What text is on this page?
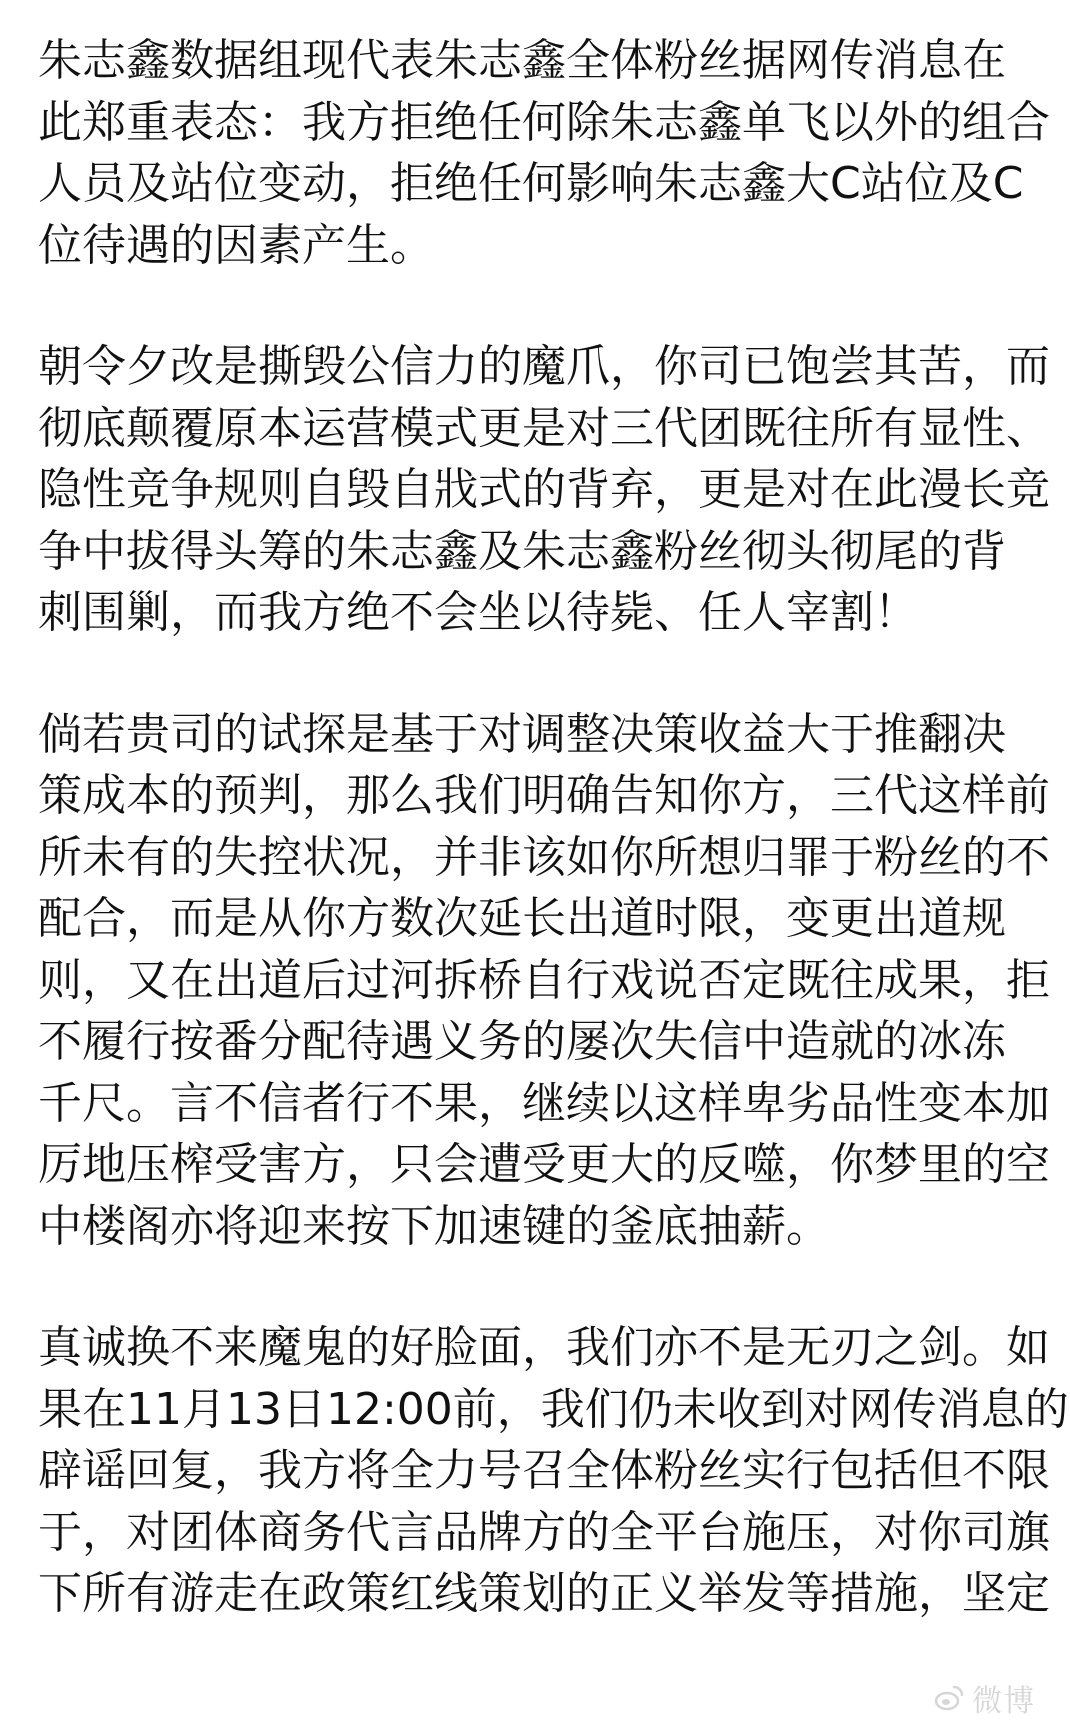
朱志鑫数据组现代表朱志鑫全体粉丝据网传消息在
此郑重表态：我方拒绝任何除朱志鑫单飞以外的组合
人员及站位变动，拒绝任何影响朱志鑫大C站位及C
位待遇的因素产生。
朝令夕改是撕毁公信力的魔爪，你司已饱尝其苦，而
彻底颠覆原本运营模式更是对三代团既往所有显性、
隐性竞争规则自毁自戕式的背弃，更是对在此漫长竞
争中拔得头筹的朱志鑫及朱志鑫粉丝彻头彻尾的背
刺围剿，而我方绝不会坐以待毙、任人宰割！
倘若贵司的试探是基于对调整决策收益大于推翻决
策成本的预判，那么我们明确告知你方，三代这样前
所未有的失控状况，并非该如你所想归罪于粉丝的不
配合，而是从你方数次延长出道时限，变更出道规
则，又在出道后过河拆桥自行戏说否定既往成果，拒
不履行按番分配待遇义务的屡次失信中造就的冰冻
千尺。言不信者行不果，继续以这样卑劣品性变本加
厉地压榨受害方，只会遭受更大的反噬，你梦里的空
中楼阁亦将迎来按下加速键的釜底抽薪。
真诚换不来魔鬼的好脸面，我们亦不是无刃之剑。如
果在11月13日12:00前，我们仍未收到对网传消息的
辟谣回复，我方将全力号召全体粉丝实行包括但不限
于，对团体商务代言品牌方的全平台施压，对你司旗
下所有游走在政策红线策划的正义举发等措施，坚定
微博
